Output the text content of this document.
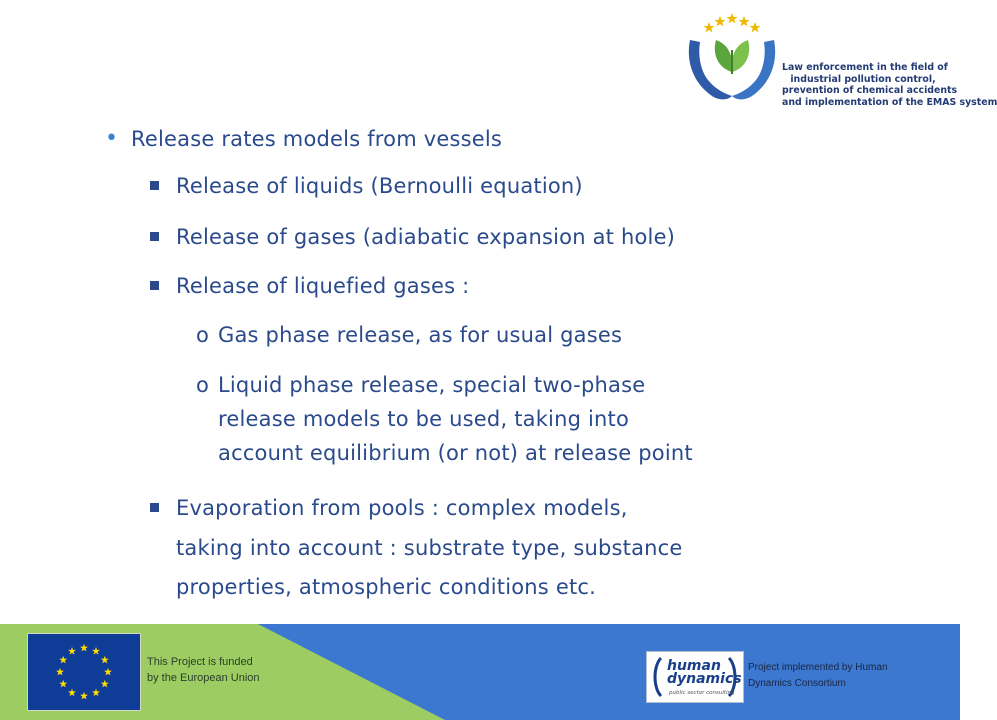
Law enforcement in the field of
industrial pollution control,
prevention of chemical accidents
and implementation of the EMAS system
• Release rates models from vessels
Release of liquids (Bernoulli equation)
Release of gases (adiabatic expansion at hole)
Release of liquefied gases :
o Gas phase release, as for usual gases
o Liquid phase release, special two-phase
release models to be used, taking into
account equilibrium (or not) at release point
Evaporation from pools : complex models,
taking into account : substrate type, substance
properties, atmospheric conditions etc.
This Project is funded
by the European Union
human
dynamics
public sector consulting
Project implemented by Human
Dynamics Consortium
